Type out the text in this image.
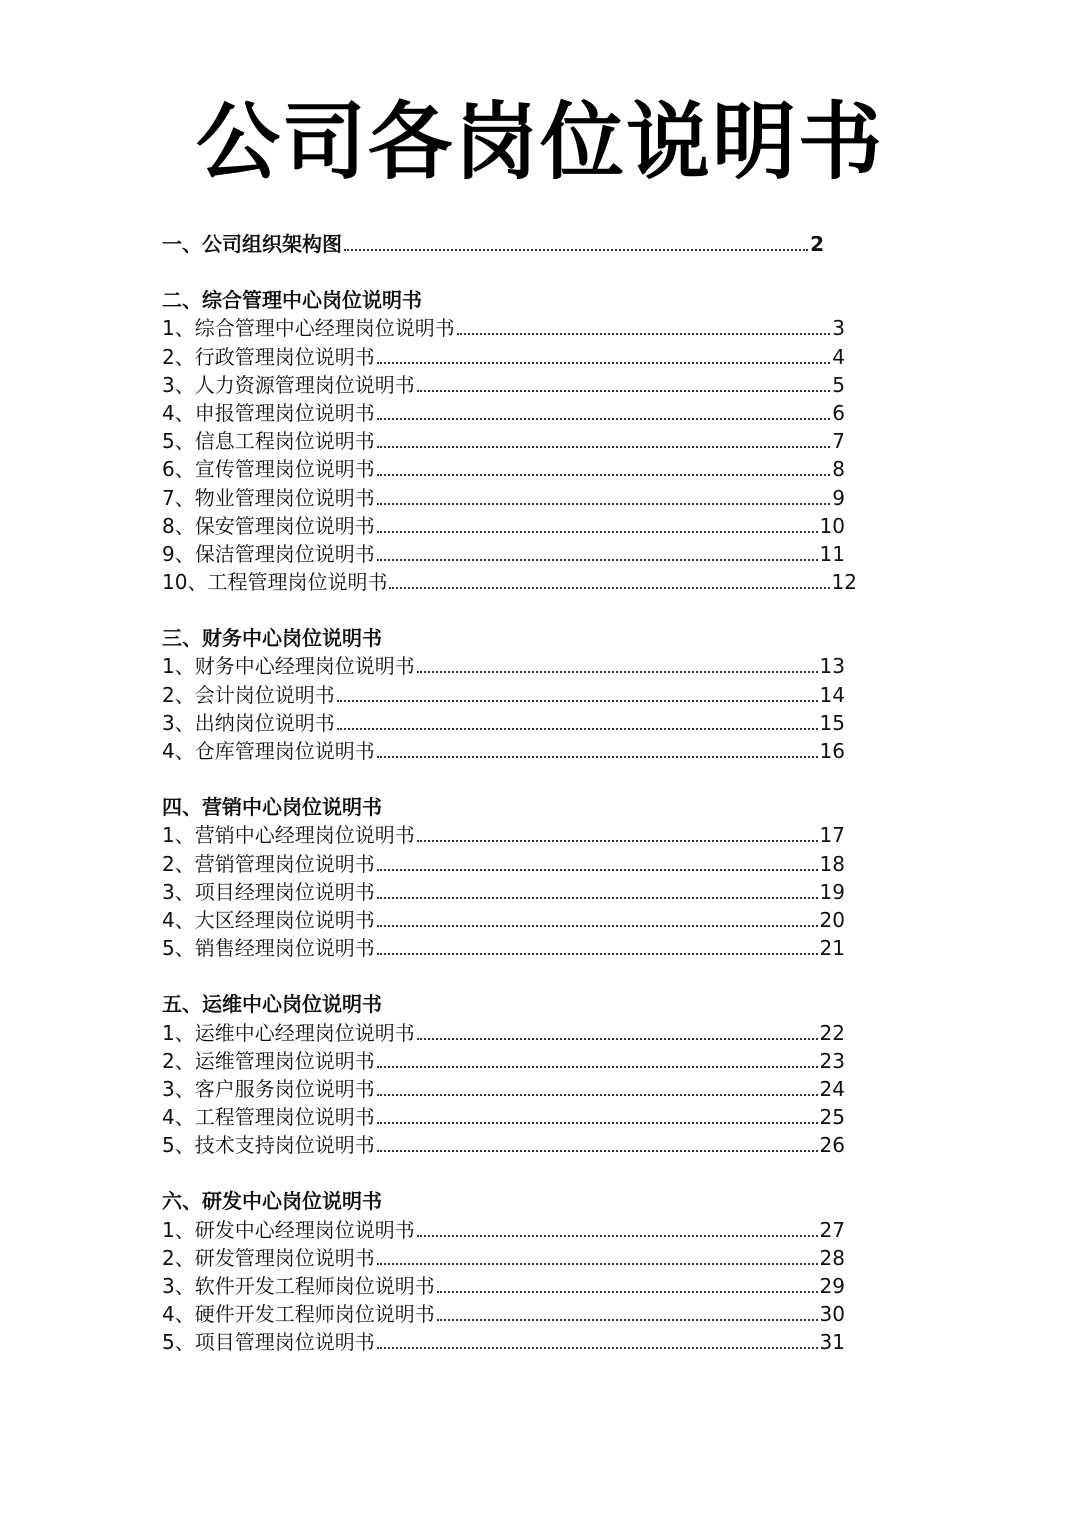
公司各岗位说明书
一、公司组织架构图	2
二、综合管理中心岗位说明书
1、综合管理中心经理岗位说明书	3
2、行政管理岗位说明书	4
3、人力资源管理岗位说明书	5
4、申报管理岗位说明书	6
5、信息工程岗位说明书	7
6、宣传管理岗位说明书	8
7、物业管理岗位说明书	9
8、保安管理岗位说明书	10
9、保洁管理岗位说明书	11
10、工程管理岗位说明书	12
三、财务中心岗位说明书
1、财务中心经理岗位说明书	13
2、会计岗位说明书	14
3、出纳岗位说明书	15
4、仓库管理岗位说明书	16
四、营销中心岗位说明书
1、营销中心经理岗位说明书	17
2、营销管理岗位说明书	18
3、项目经理岗位说明书	19
4、大区经理岗位说明书	20
5、销售经理岗位说明书	21
五、运维中心岗位说明书
1、运维中心经理岗位说明书	22
2、运维管理岗位说明书	23
3、客户服务岗位说明书	24
4、工程管理岗位说明书	25
5、技术支持岗位说明书	26
六、研发中心岗位说明书
1、研发中心经理岗位说明书	27
2、研发管理岗位说明书	28
3、软件开发工程师岗位说明书	29
4、硬件开发工程师岗位说明书	30
5、项目管理岗位说明书	31
